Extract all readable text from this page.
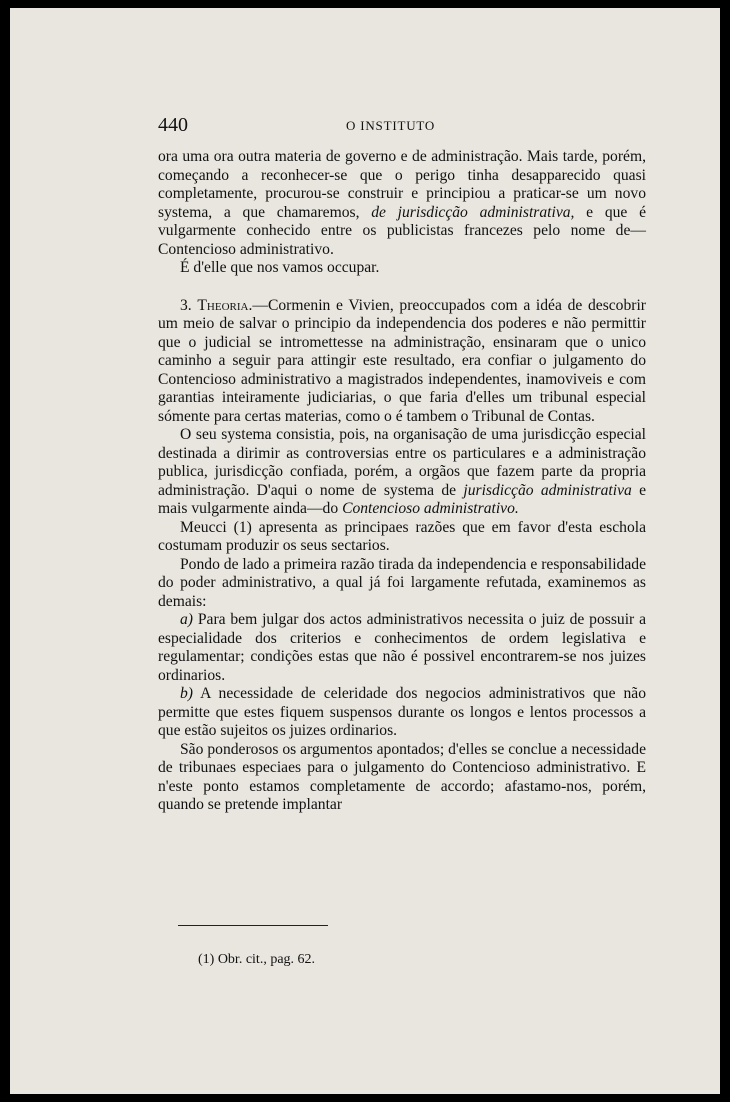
440	O INSTITUTO

ora uma ora outra materia de governo e de administração. Mais tarde, porém, começando a reconhecer-se que o perigo tinha desapparecido quasi completamente, procurou-se construir e principiou a praticar-se um novo systema, a que chamaremos, de jurisdicção administrativa, e que é vulgarmente conhecido entre os publicistas francezes pelo nome de—Contencioso administrativo.

É d'elle que nos vamos occupar.

3. Theoria.—Cormenin e Vivien, preoccupados com a idéa de descobrir um meio de salvar o principio da independencia dos poderes e não permittir que o judicial se intromettesse na administração, ensinaram que o unico caminho a seguir para attingir este resultado, era confiar o julgamento do Contencioso administrativo a magistrados independentes, inamoviveis e com garantias inteiramente judiciarias, o que faria d'elles um tribunal especial sómente para certas materias, como o é tambem o Tribunal de Contas.

O seu systema consistia, pois, na organisação de uma jurisdicção especial destinada a dirimir as controversias entre os particulares e a administração publica, jurisdicção confiada, porém, a orgãos que fazem parte da propria administração. D'aqui o nome de systema de jurisdicção administrativa e mais vulgarmente ainda—do Contencioso administrativo.

Meucci (1) apresenta as principaes razões que em favor d'esta eschola costumam produzir os seus sectarios.

Pondo de lado a primeira razão tirada da independencia e responsabilidade do poder administrativo, a qual já foi largamente refutada, examinemos as demais:

a) Para bem julgar dos actos administrativos necessita o juiz de possuir a especialidade dos criterios e conhecimentos de ordem legislativa e regulamentar; condições estas que não é possivel encontrarem-se nos juizes ordinarios.

b) A necessidade de celeridade dos negocios administrativos que não permitte que estes fiquem suspensos durante os longos e lentos processos a que estão sujeitos os juizes ordinarios.

São ponderosos os argumentos apontados; d'elles se conclue a necessidade de tribunaes especiaes para o julgamento do Contencioso administrativo. E n'este ponto estamos completamente de accordo; afastamo-nos, porém, quando se pretende implantar

(1) Obr. cit., pag. 62.
